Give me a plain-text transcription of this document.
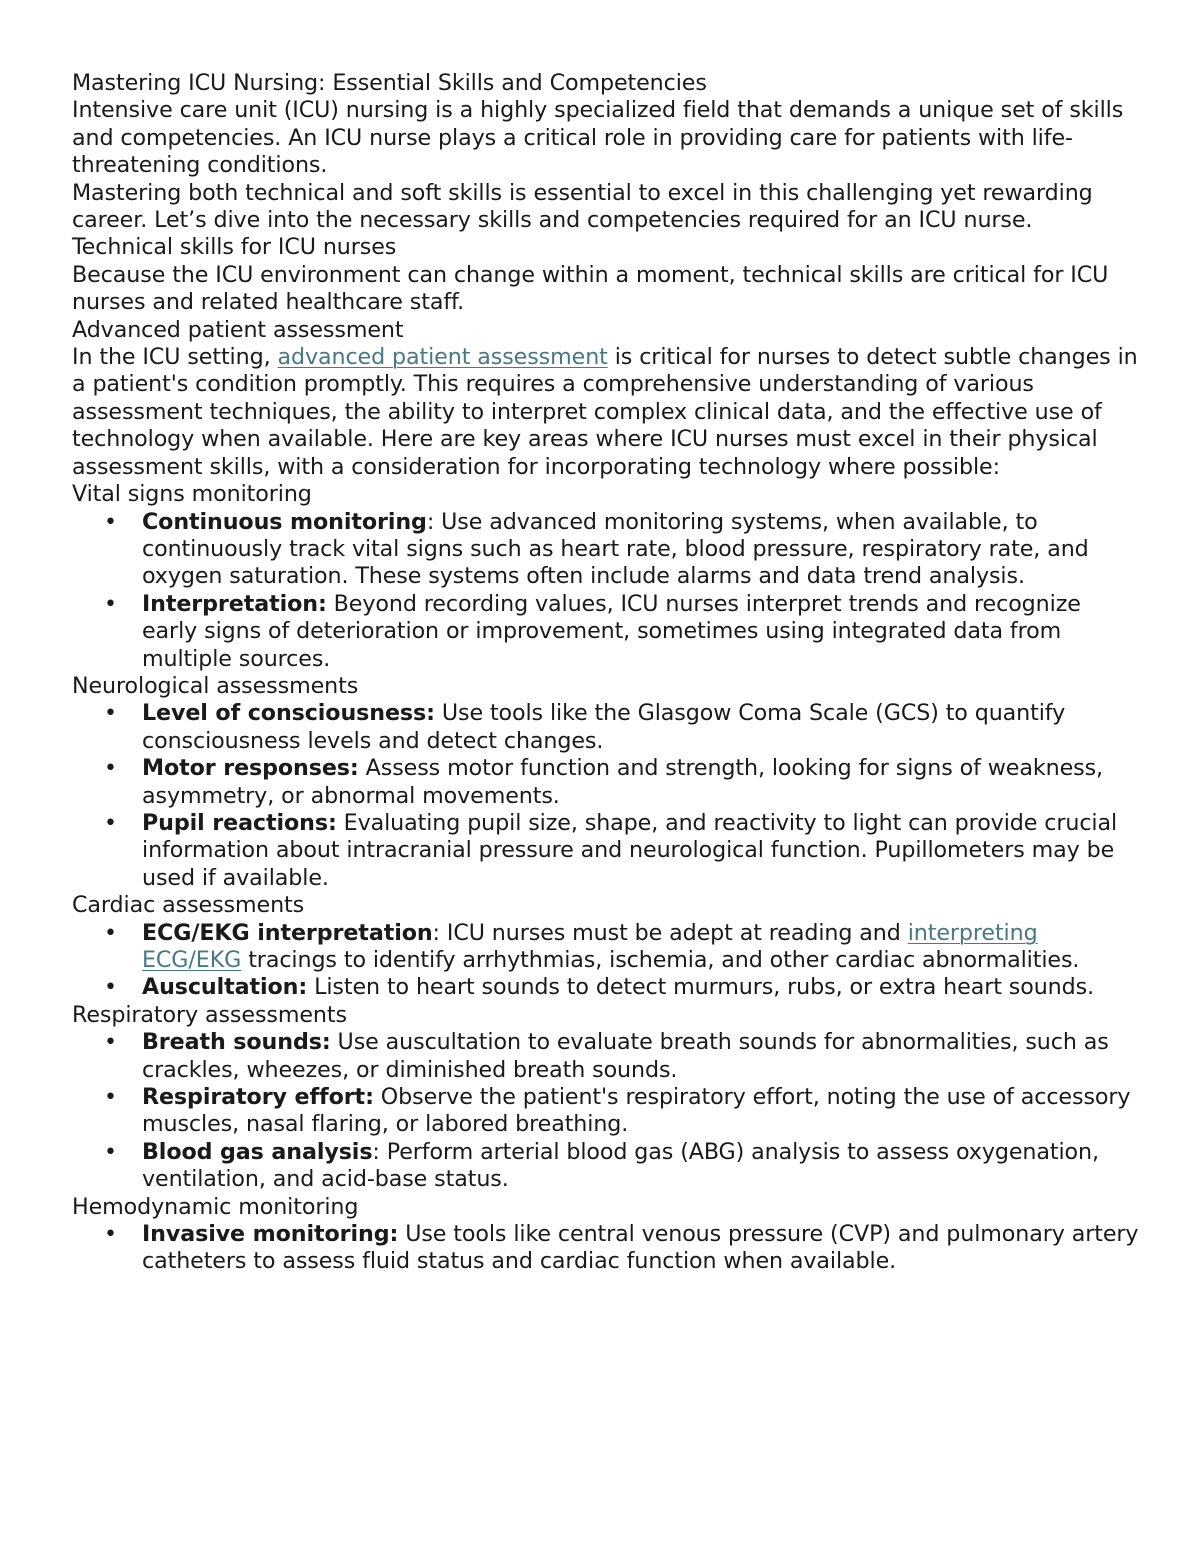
Mastering ICU Nursing: Essential Skills and Competencies

Intensive care unit (ICU) nursing is a highly specialized field that demands a unique set of skills and competencies. An ICU nurse plays a critical role in providing care for patients with life-threatening conditions.

Mastering both technical and soft skills is essential to excel in this challenging yet rewarding career. Let’s dive into the necessary skills and competencies required for an ICU nurse.

Technical skills for ICU nurses

Because the ICU environment can change within a moment, technical skills are critical for ICU nurses and related healthcare staff.

Advanced patient assessment

In the ICU setting, advanced patient assessment is critical for nurses to detect subtle changes in a patient's condition promptly. This requires a comprehensive understanding of various assessment techniques, the ability to interpret complex clinical data, and the effective use of technology when available. Here are key areas where ICU nurses must excel in their physical assessment skills, with a consideration for incorporating technology where possible:

Vital signs monitoring

• Continuous monitoring: Use advanced monitoring systems, when available, to continuously track vital signs such as heart rate, blood pressure, respiratory rate, and oxygen saturation. These systems often include alarms and data trend analysis.
• Interpretation: Beyond recording values, ICU nurses interpret trends and recognize early signs of deterioration or improvement, sometimes using integrated data from multiple sources.

Neurological assessments

• Level of consciousness: Use tools like the Glasgow Coma Scale (GCS) to quantify consciousness levels and detect changes.
• Motor responses: Assess motor function and strength, looking for signs of weakness, asymmetry, or abnormal movements.
• Pupil reactions: Evaluating pupil size, shape, and reactivity to light can provide crucial information about intracranial pressure and neurological function. Pupillometers may be used if available.

Cardiac assessments

• ECG/EKG interpretation: ICU nurses must be adept at reading and interpreting ECG/EKG tracings to identify arrhythmias, ischemia, and other cardiac abnormalities.
• Auscultation: Listen to heart sounds to detect murmurs, rubs, or extra heart sounds.

Respiratory assessments

• Breath sounds: Use auscultation to evaluate breath sounds for abnormalities, such as crackles, wheezes, or diminished breath sounds.
• Respiratory effort: Observe the patient's respiratory effort, noting the use of accessory muscles, nasal flaring, or labored breathing.
• Blood gas analysis: Perform arterial blood gas (ABG) analysis to assess oxygenation, ventilation, and acid-base status.

Hemodynamic monitoring

• Invasive monitoring: Use tools like central venous pressure (CVP) and pulmonary artery catheters to assess fluid status and cardiac function when available.
